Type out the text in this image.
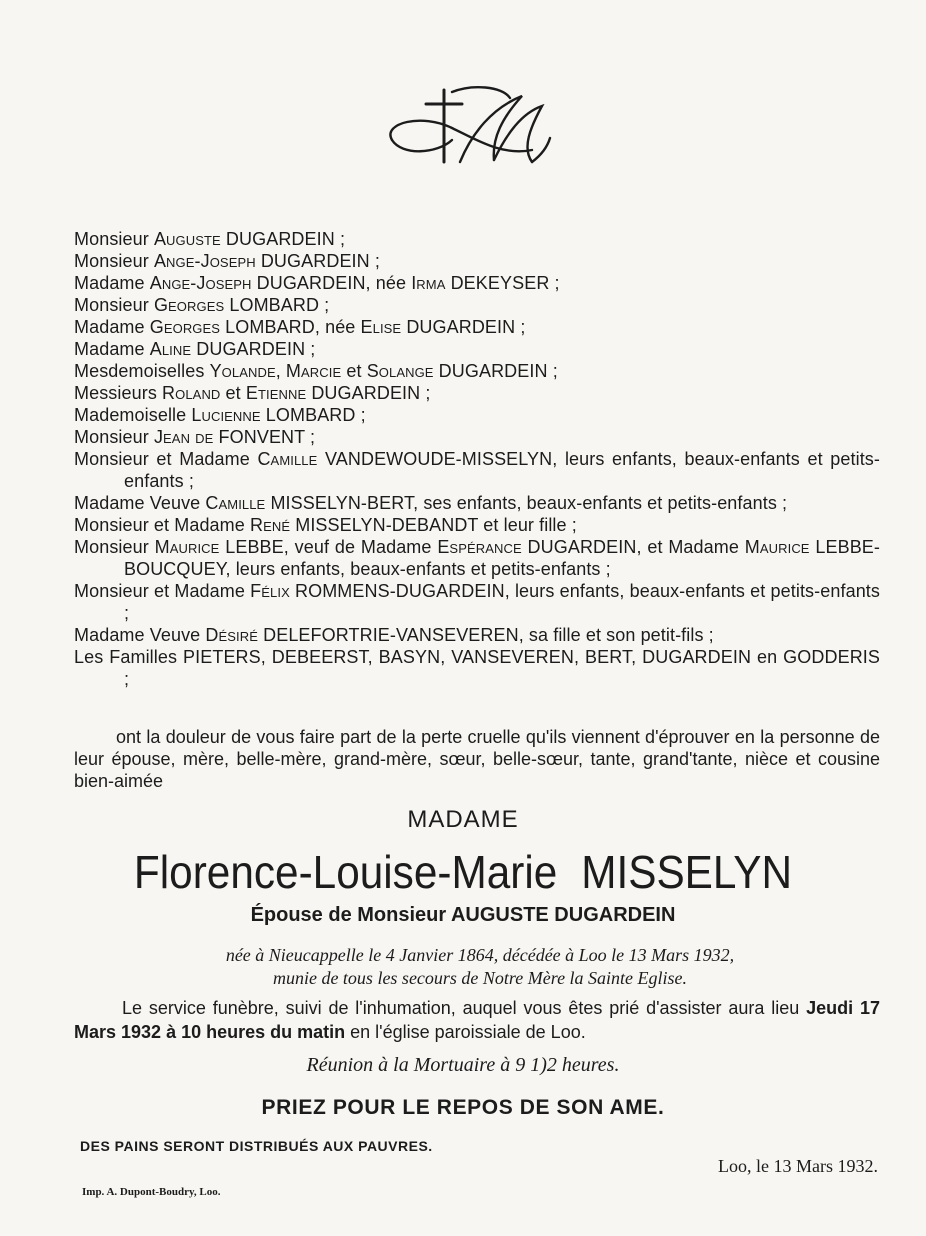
Monsieur Auguste DUGARDEIN ;
Monsieur Ange-Joseph DUGARDEIN ;
Madame Ange-Joseph DUGARDEIN, née Irma DEKEYSER ;
Monsieur Georges LOMBARD ;
Madame Georges LOMBARD, née Elise DUGARDEIN ;
Madame Aline DUGARDEIN ;
Mesdemoiselles Yolande, Marcie et Solange DUGARDEIN ;
Messieurs Roland et Etienne DUGARDEIN ;
Mademoiselle Lucienne LOMBARD ;
Monsieur Jean de FONVENT ;
Monsieur et Madame Camille VANDEWOUDE-MISSELYN, leurs enfants, beaux-enfants et petits-enfants ;
Madame Veuve Camille MISSELYN-BERT, ses enfants, beaux-enfants et petits-enfants ;
Monsieur et Madame René MISSELYN-DEBANDT et leur fille ;
Monsieur Maurice LEBBE, veuf de Madame Espérance DUGARDEIN, et Madame Maurice LEBBE-BOUCQUEY, leurs enfants, beaux-enfants et petits-enfants ;
Monsieur et Madame Félix ROMMENS-DUGARDEIN, leurs enfants, beaux-enfants et petits-enfants ;
Madame Veuve Désiré DELEFORTRIE-VANSEVEREN, sa fille et son petit-fils ;
Les Familles PIETERS, DEBEERST, BASYN, VANSEVEREN, BERT, DUGARDEIN en GODDERIS ;
ont la douleur de vous faire part de la perte cruelle qu'ils viennent d'éprouver en la personne de leur épouse, mère, belle-mère, grand-mère, sœur, belle-sœur, tante, grand'tante, nièce et cousine bien-aimée
MADAME
Florence-Louise-Marie MISSELYN
Épouse de Monsieur AUGUSTE DUGARDEIN
née à Nieucappelle le 4 Janvier 1864, décédée à Loo le 13 Mars 1932,
munie de tous les secours de Notre Mère la Sainte Eglise.
Le service funèbre, suivi de l'inhumation, auquel vous êtes prié d'assister aura lieu Jeudi 17 Mars 1932 à 10 heures du matin en l'église paroissiale de Loo.
Réunion à la Mortuaire à 9 1)2 heures.
PRIEZ POUR LE REPOS DE SON AME.
DES PAINS SERONT DISTRIBUÉS AUX PAUVRES.
Loo, le 13 Mars 1932.
Imp. A. Dupont-Boudry, Loo.
